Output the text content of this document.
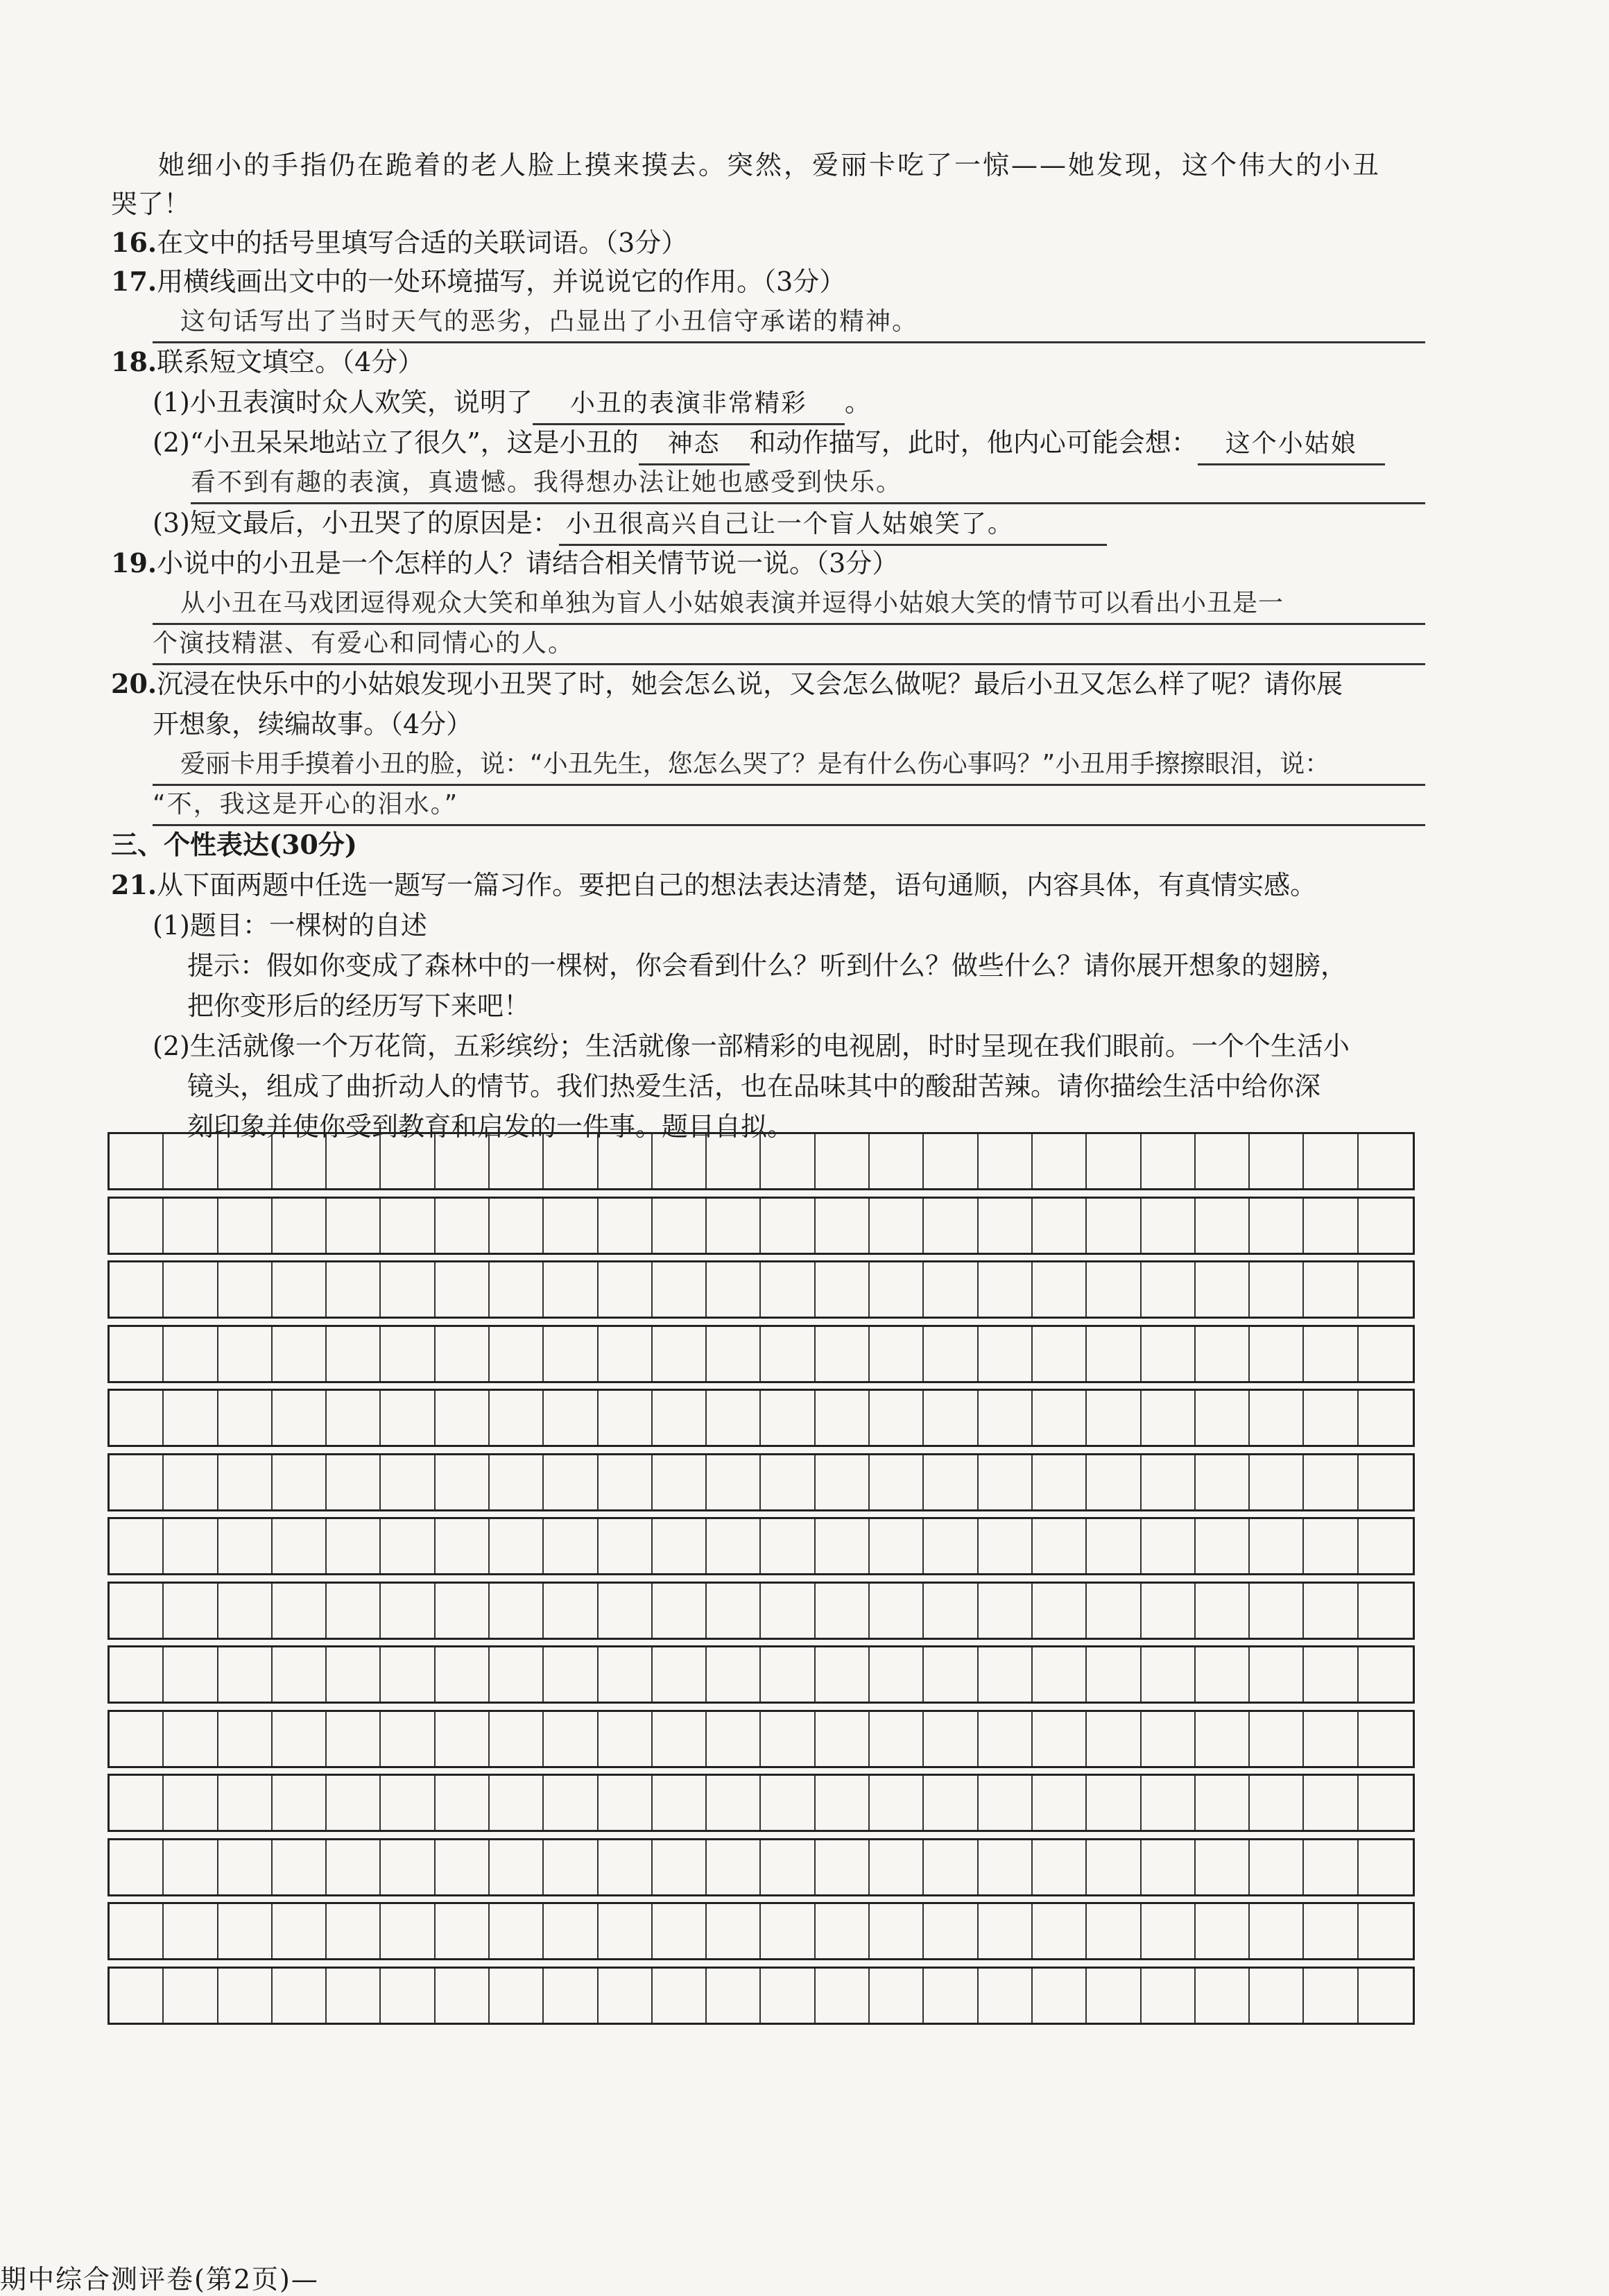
她细小的手指仍在跪着的老人脸上摸来摸去。突然，爱丽卡吃了一惊——她发现，这个伟大的小丑
哭了！
16.在文中的括号里填写合适的关联词语。（3分）
17.用横线画出文中的一处环境描写，并说说它的作用。（3分）
这句话写出了当时天气的恶劣，凸显出了小丑信守承诺的精神。
18.联系短文填空。（4分）
(1)小丑表演时众人欢笑，说明了 小丑的表演非常精彩 。
(2)“小丑呆呆地站立了很久”，这是小丑的 神态 和动作描写，此时，他内心可能会想： 这个小姑娘
看不到有趣的表演，真遗憾。我得想办法让她也感受到快乐。
(3)短文最后，小丑哭了的原因是： 小丑很高兴自己让一个盲人姑娘笑了。
19.小说中的小丑是一个怎样的人？请结合相关情节说一说。（3分）
从小丑在马戏团逗得观众大笑和单独为盲人小姑娘表演并逗得小姑娘大笑的情节可以看出小丑是一
个演技精湛、有爱心和同情心的人。
20.沉浸在快乐中的小姑娘发现小丑哭了时，她会怎么说，又会怎么做呢？最后小丑又怎么样了呢？请你展
开想象，续编故事。（4分）
爱丽卡用手摸着小丑的脸，说：“小丑先生，您怎么哭了？是有什么伤心事吗？”小丑用手擦擦眼泪，说：
“不，我这是开心的泪水。”
三、个性表达(30分)
21.从下面两题中任选一题写一篇习作。要把自己的想法表达清楚，语句通顺，内容具体，有真情实感。
(1)题目：一棵树的自述
提示：假如你变成了森林中的一棵树，你会看到什么？听到什么？做些什么？请你展开想象的翅膀，
把你变形后的经历写下来吧！
(2)生活就像一个万花筒，五彩缤纷；生活就像一部精彩的电视剧，时时呈现在我们眼前。一个个生活小
镜头，组成了曲折动人的情节。我们热爱生活，也在品味其中的酸甜苦辣。请你描绘生活中给你深
刻印象并使你受到教育和启发的一件事。题目自拟。
期中综合测评卷(第2页)—
